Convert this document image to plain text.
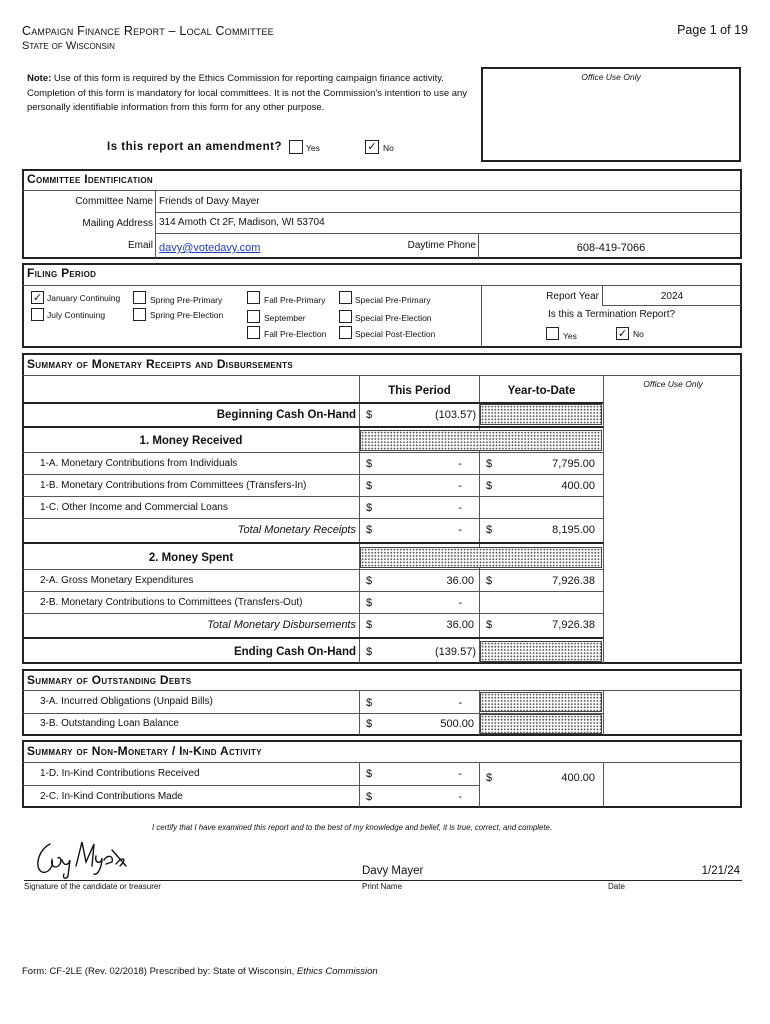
Campaign Finance Report – Local Committee
State of Wisconsin
Page 1 of 19
Note: Use of this form is required by the Ethics Commission for reporting campaign finance activity. Completion of this form is mandatory for local committees. It is not the Commission's intention to use any personally identifiable information from this form for any other purpose.
Office Use Only
Is this report an amendment?	Yes	✓ No
Committee Identification
Committee Name Friends of Davy Mayer
Mailing Address 314 Amoth Ct 2F, Madison, WI 53704
Email davy@votedavy.com	Daytime Phone	608-419-7066
Filing Period
✓ January Continuing
July Continuing
Spring Pre-Primary
Spring Pre-Election
Fall Pre-Primary
September
Fall Pre-Election
Special Pre-Primary
Special Pre-Election
Special Post-Election
Report Year	2024
Is this a Termination Report?
Yes	✓ No
Summary of Monetary Receipts and Disbursements
Office Use Only
This Period	Year-to-Date
Beginning Cash On-Hand $	(103.57)
1. Money Received
1-A. Monetary Contributions from Individuals	$	- $	7,795.00
1-B. Monetary Contributions from Committees (Transfers-In)	$	- $	400.00
1-C. Other Income and Commercial Loans	$	-
Total Monetary Receipts $	- $	8,195.00
2. Money Spent
2-A. Gross Monetary Expenditures	$	36.00 $	7,926.38
2-B. Monetary Contributions to Committees (Transfers-Out)	$	-
Total Monetary Disbursements $	36.00 $	7,926.38
Ending Cash On-Hand $	(139.57)
Summary of Outstanding Debts
3-A. Incurred Obligations (Unpaid Bills)	$	-
3-B. Outstanding Loan Balance	$	500.00
Summary of Non-Monetary / In-Kind Activity
1-D. In-Kind Contributions Received	$	- $	400.00
2-C. In-Kind Contributions Made	$	-
I certify that I have examined this report and to the best of my knowledge and belief, it is true, correct, and complete.
Signature of the candidate or treasurer
Davy Mayer
Print Name
1/21/24
Date
Form: CF-2LE (Rev. 02/2018) Prescribed by: State of Wisconsin, Ethics Commission
